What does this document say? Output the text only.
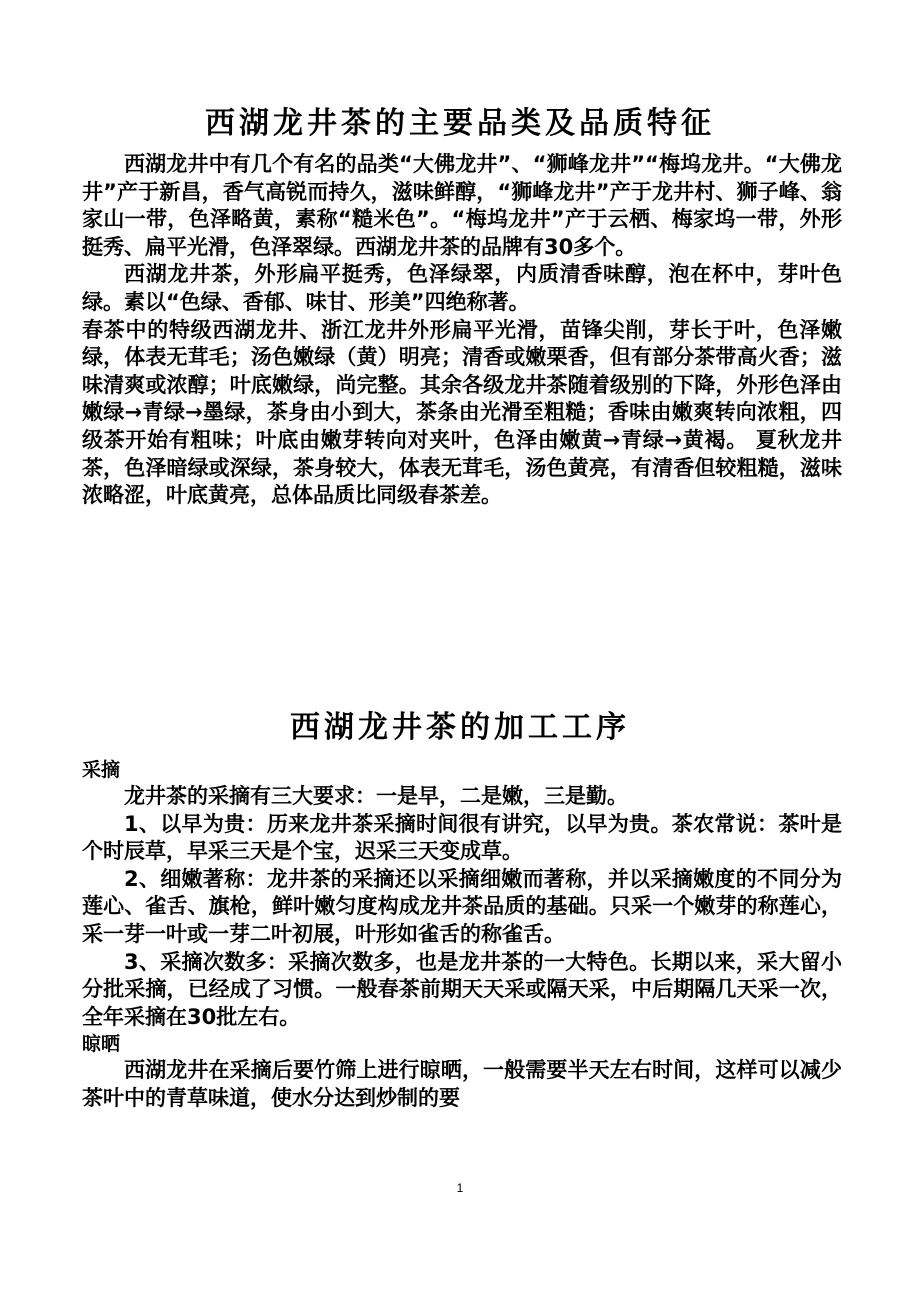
西湖龙井茶的主要品类及品质特征

西湖龙井中有几个有名的品类“大佛龙井”、“狮峰龙井”“梅坞龙井。“大佛龙井”产于新昌，香气高锐而持久，滋味鲜醇，“狮峰龙井”产于龙井村、狮子峰、翁家山一带，色泽略黄，素称“糙米色”。“梅坞龙井”产于云栖、梅家坞一带，外形挺秀、扁平光滑，色泽翠绿。西湖龙井茶的品牌有30多个。

西湖龙井茶，外形扁平挺秀，色泽绿翠，内质清香味醇，泡在杯中，芽叶色绿。素以“色绿、香郁、味甘、形美”四绝称著。

春茶中的特级西湖龙井、浙江龙井外形扁平光滑，苗锋尖削，芽长于叶，色泽嫩绿，体表无茸毛；汤色嫩绿（黄）明亮；清香或嫩栗香，但有部分茶带高火香；滋味清爽或浓醇；叶底嫩绿，尚完整。其余各级龙井茶随着级别的下降，外形色泽由嫩绿→青绿→墨绿，茶身由小到大，茶条由光滑至粗糙；香味由嫩爽转向浓粗，四级茶开始有粗味；叶底由嫩芽转向对夹叶，色泽由嫩黄→青绿→黄褐。 夏秋龙井茶，色泽暗绿或深绿，茶身较大，体表无茸毛，汤色黄亮，有清香但较粗糙，滋味浓略涩，叶底黄亮，总体品质比同级春茶差。

西湖龙井茶的加工工序
采摘

龙井茶的采摘有三大要求：一是早，二是嫩，三是勤。

1、以早为贵：历来龙井茶采摘时间很有讲究，以早为贵。茶农常说：茶叶是个时辰草，早采三天是个宝，迟采三天变成草。

2、细嫩著称：龙井茶的采摘还以采摘细嫩而著称，并以采摘嫩度的不同分为莲心、雀舌、旗枪，鲜叶嫩匀度构成龙井茶品质的基础。只采一个嫩芽的称莲心，采一芽一叶或一芽二叶初展，叶形如雀舌的称雀舌。

3、采摘次数多：采摘次数多，也是龙井茶的一大特色。长期以来，采大留小分批采摘，已经成了习惯。一般春茶前期天天采或隔天采，中后期隔几天采一次，全年采摘在30批左右。

晾晒

西湖龙井在采摘后要竹筛上进行晾晒，一般需要半天左右时间，这样可以减少茶叶中的青草味道，使水分达到炒制的要

1
